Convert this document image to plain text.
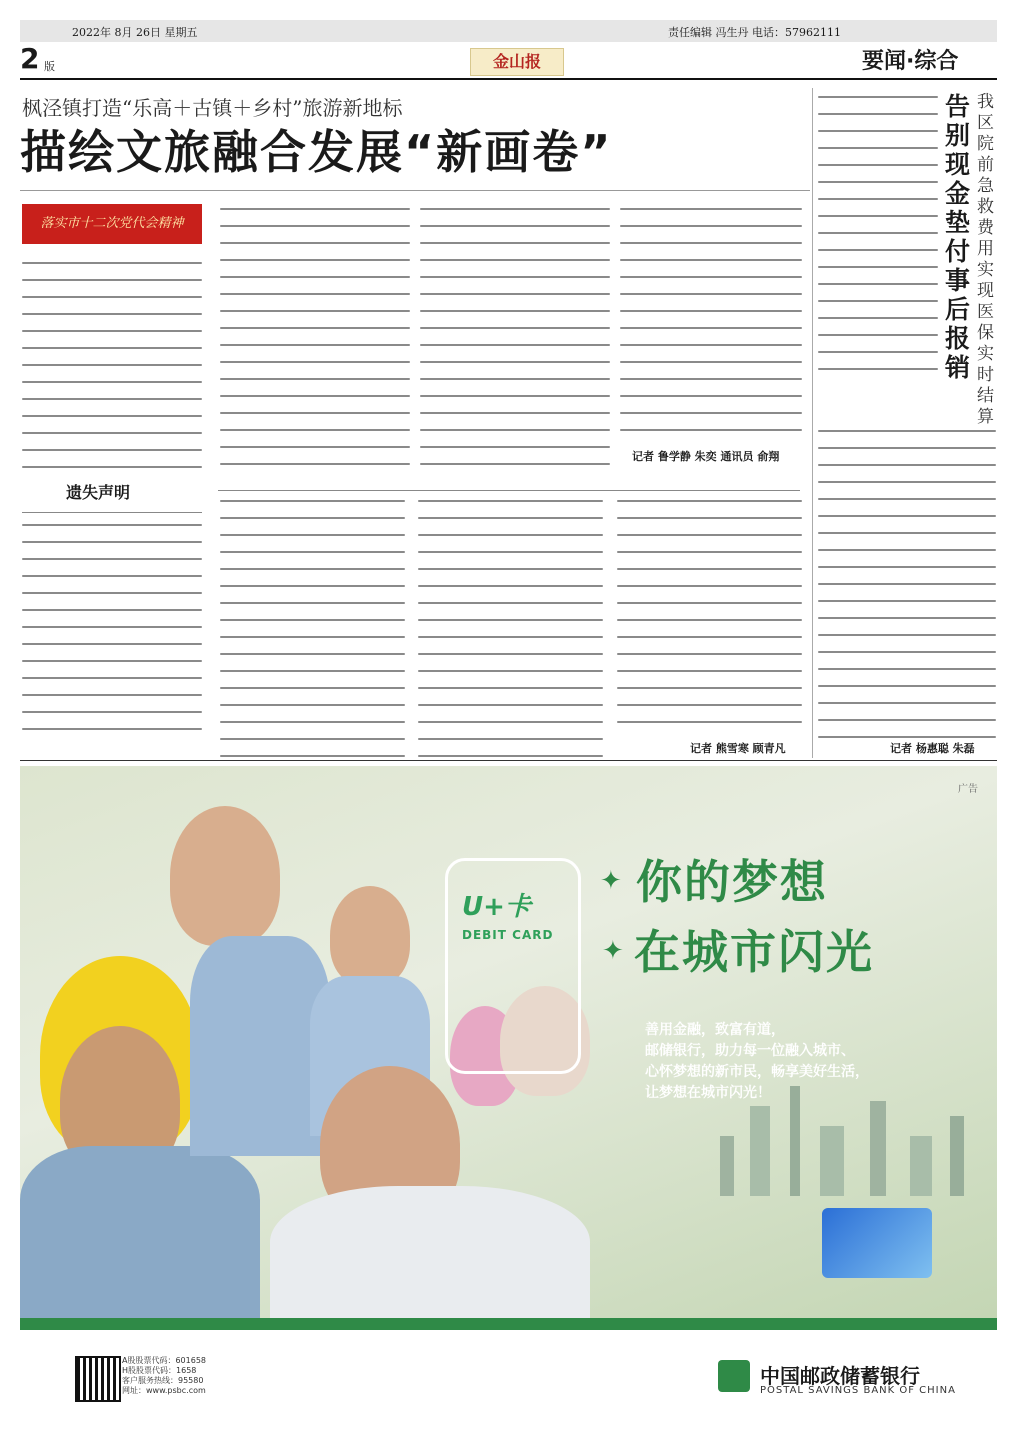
2022年 8月 26日 星期五	责任编辑 冯生丹 电话：57962111
2 版	金山报	要闻·综合
枫泾镇打造“乐高＋古镇＋乡村”旅游新地标
描绘文旅融合发展“新画卷”
落实市十二次党代会精神
记者 鲁学静 朱奕 通讯员 俞翔
遗失声明
记者 熊雪寒 顾青凡
告别现金垫付事后报销
我区院前急救费用实现医保实时结算
记者 杨惠聪 朱磊
广告
U+卡
DEBIT CARD
✦
✦
你的梦想
在城市闪光
善用金融，致富有道，
邮储银行，助力每一位融入城市、
心怀梦想的新市民，畅享美好生活，
让梦想在城市闪光！
A股股票代码：601658
H股股票代码：1658
客户服务热线：95580
网址：www.psbc.com
中国邮政储蓄银行
POSTAL SAVINGS BANK OF CHINA
